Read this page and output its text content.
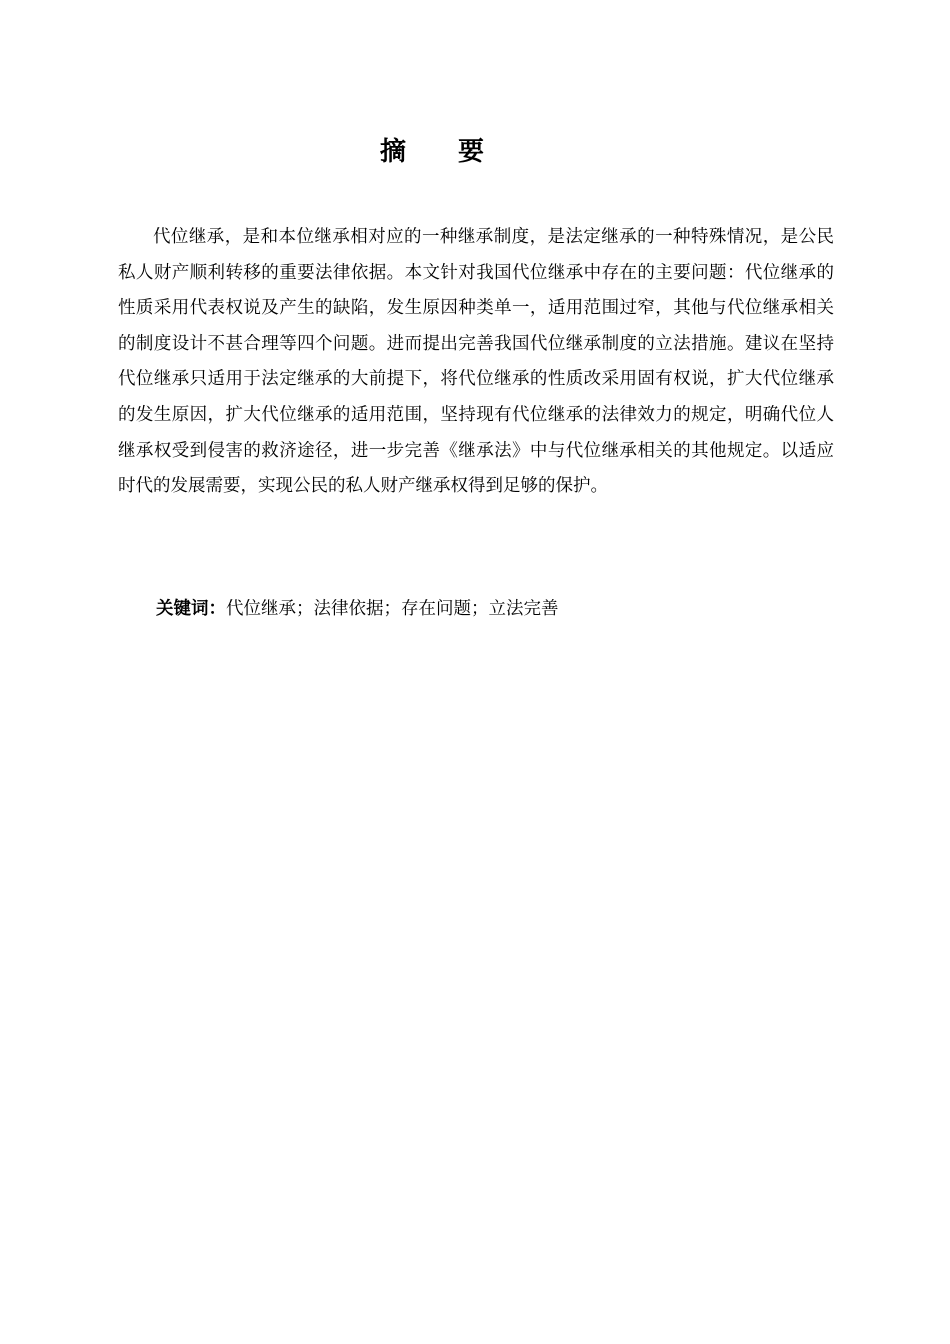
摘 要

代位继承，是和本位继承相对应的一种继承制度，是法定继承的一种特殊情况，是公民私人财产顺利转移的重要法律依据。本文针对我国代位继承中存在的主要问题：代位继承的性质采用代表权说及产生的缺陷，发生原因种类单一，适用范围过窄，其他与代位继承相关的制度设计不甚合理等四个问题。进而提出完善我国代位继承制度的立法措施。建议在坚持代位继承只适用于法定继承的大前提下，将代位继承的性质改采用固有权说，扩大代位继承的发生原因，扩大代位继承的适用范围，坚持现有代位继承的法律效力的规定，明确代位人继承权受到侵害的救济途径，进一步完善《继承法》中与代位继承相关的其他规定。以适应时代的发展需要，实现公民的私人财产继承权得到足够的保护。

关键词：代位继承；法律依据；存在问题；立法完善
